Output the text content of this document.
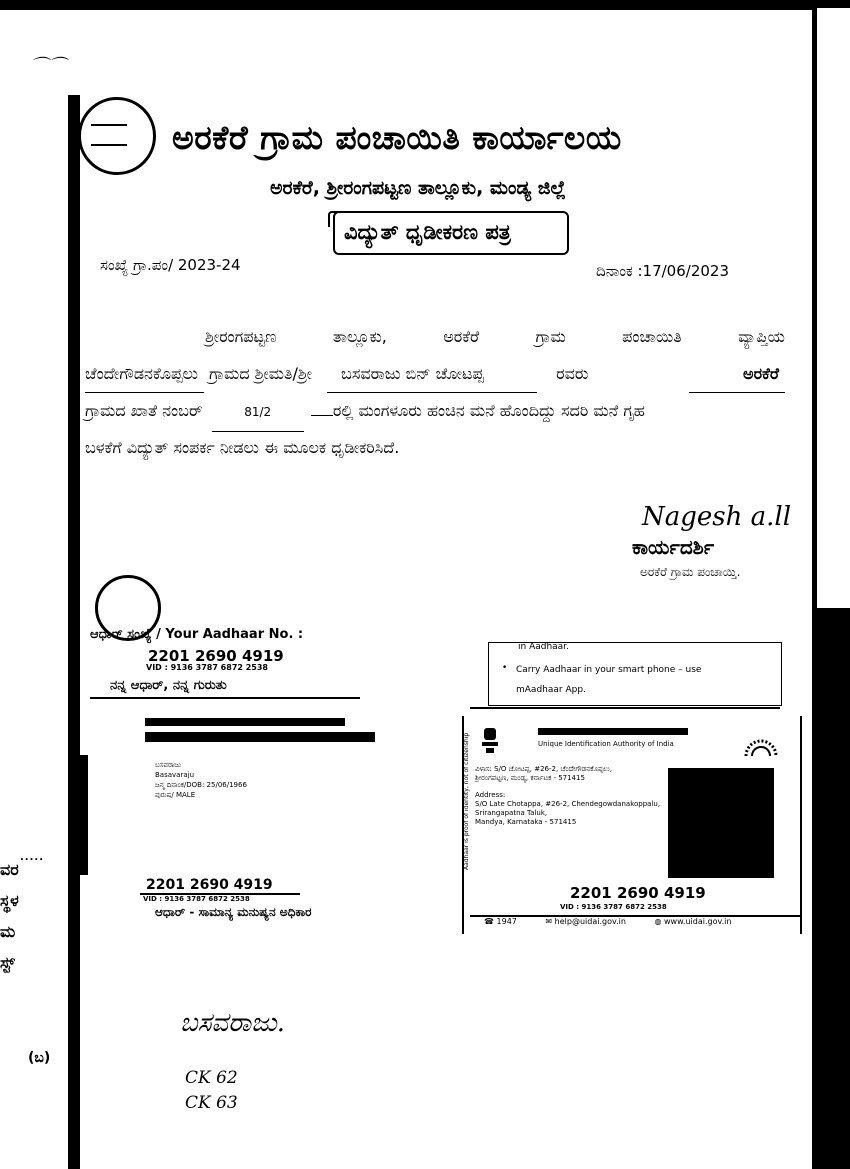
⌒⌒
ಅರಕೆರೆ ಗ್ರಾಮ ಪಂಚಾಯಿತಿ ಕಾರ್ಯಾಲಯ
ಅರಕೆರೆ, ಶ್ರೀರಂಗಪಟ್ಟಣ ತಾಲ್ಲೂಕು, ಮಂಡ್ಯ ಜಿಲ್ಲೆ
ವಿದ್ಯುತ್ ಧೃಡೀಕರಣ ಪತ್ರ
ಸಂಖ್ಯೆ ಗ್ರಾ.ಪಂ/ 2023-24	ದಿನಾಂಕ :17/06/2023
ಶ್ರೀರಂಗಪಟ್ಟಣ	ತಾಲ್ಲೂಕು,	ಅರಕೆರೆ	ಗ್ರಾಮ	ಪಂಚಾಯಿತಿ	ವ್ಯಾಪ್ತಿಯ
ಚೆಂದೇಗೌಡನಕೊಪ್ಪಲು ಗ್ರಾಮದ ಶ್ರೀಮತಿ/ಶ್ರೀ ಬಸವರಾಜು ಬಿನ್ ಚೋಟಪ್ಪ	ರವರು	ಅರಕೆರೆ
ಗ್ರಾಮದ ಖಾತೆ ನಂಬರ್	81/2	ರಲ್ಲಿ ಮಂಗಳೂರು ಹಂಚಿನ ಮನೆ ಹೊಂದಿದ್ದು ಸದರಿ ಮನೆ ಗೃಹ
ಬಳಕೆಗೆ ವಿದ್ಯುತ್ ಸಂಪರ್ಕ ನೀಡಲು ಈ ಮೂಲಕ ಧೃಡೀಕರಿಸಿದೆ.
Nagesh a.ll
ಕಾರ್ಯದರ್ಶಿ
ಅರಕೆರೆ ಗ್ರಾಮ ಪಂಚಾಯ್ತಿ.
ಆಧಾರ್ ಸಂಖ್ಯೆ / Your Aadhaar No. :
2201 2690 4919
VID : 9136 3787 6872 2538
ನನ್ನ ಆಧಾರ್, ನನ್ನ ಗುರುತು
in Aadhaar.
• Carry Aadhaar in your smart phone – use
mAadhaar App.
ಬಸವರಾಜು
Basavaraju
ಜನ್ಮ ದಿನಾಂಕ/DOB: 25/06/1966
ಪುರುಷ/ MALE
2201 2690 4919
VID : 9136 3787 6872 2538
ಆಧಾರ್ - ಸಾಮಾನ್ಯ ಮನುಷ್ಯನ ಅಧಿಕಾರ
Unique Identification Authority of India
ವಿಳಾಸ: S/O ಚೋಟಪ್ಪ, #26-2, ಚೆಂದೇಗೌಡನಕೊಪ್ಪಲು,
ಶ್ರೀರಂಗಪಟ್ಟಣ, ಮಂಡ್ಯ, ಕರ್ನಾಟಕ - 571415
Address:
S/O Late Chotappa, #26-2, Chendegowdanakoppalu,
Srirangapatna Taluk,
Mandya, Karnataka - 571415
Aadhaar is proof of identity, not of citizenship
2201 2690 4919
VID : 9136 3787 6872 2538
☎ 1947	✉ help@uidai.gov.in	◍ www.uidai.gov.in
.....
ವರ
ಸ್ಥಳ
ಮ
ಸ್ಟ್
(ಬ)
ಬಸವರಾಜು.
CK 62
CK 63
